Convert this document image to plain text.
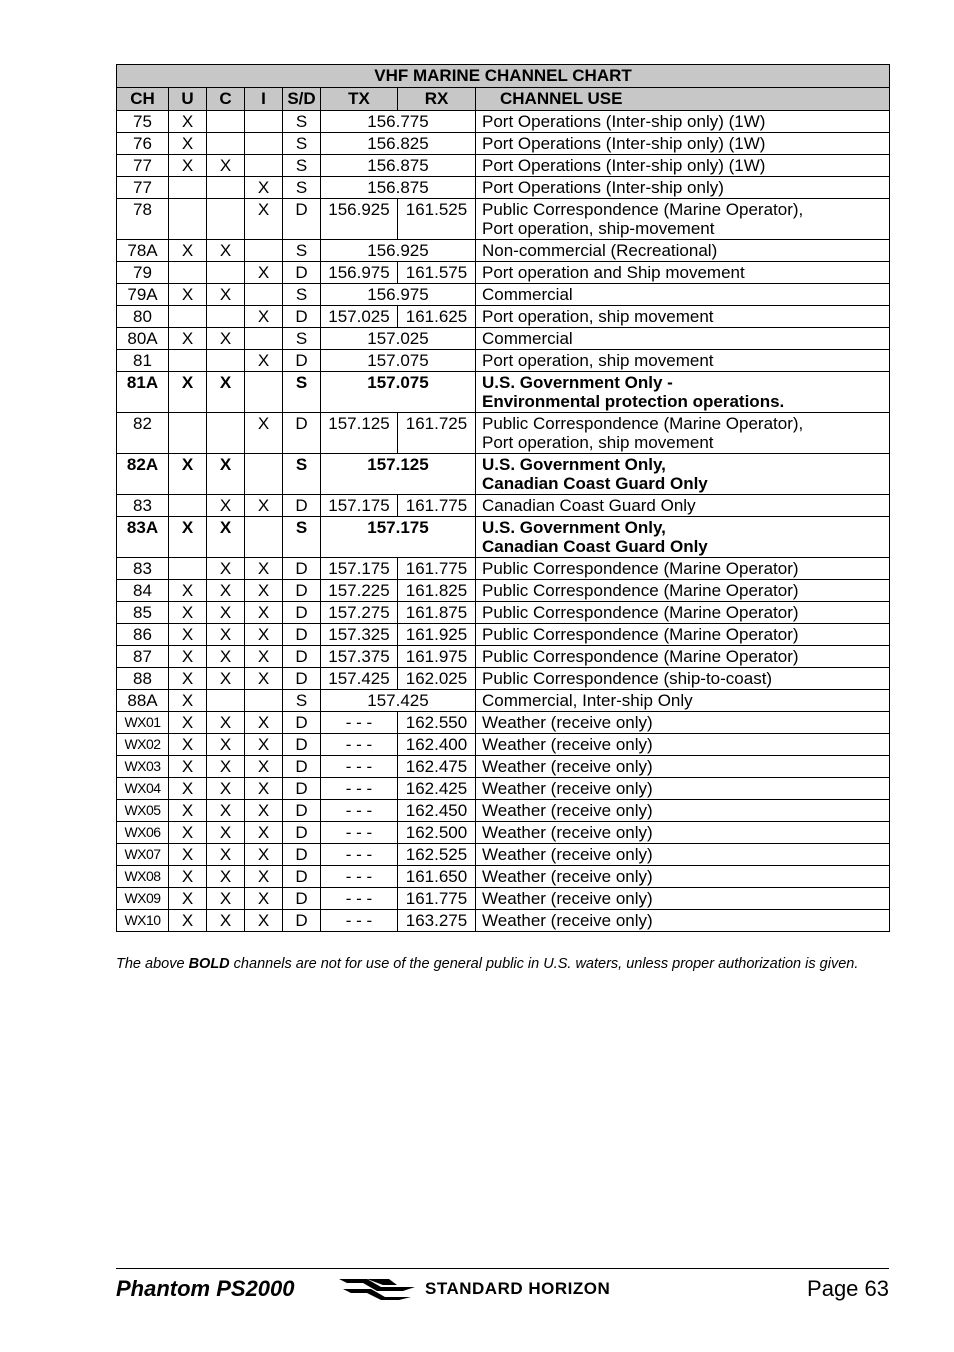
VHF MARINE CHANNEL CHART							
CH	U	C	I	S/D	TX	RX	CHANNEL USE
75	X			S	156.775		Port Operations (Inter-ship only) (1W)

76	X			S	156.825		Port Operations (Inter-ship only) (1W)

77	X	X		S	156.875		Port Operations (Inter-ship only) (1W)

77			X	S	156.875		Port Operations (Inter-ship only)

78			X	D	156.925	161.525	Public Correspondence (Marine Operator),
Port operation, ship-movement

78A	X	X		S	156.925		Non-commercial (Recreational)

79			X	D	156.975	161.575	Port operation and Ship movement

79A	X	X		S	156.975		Commercial

80			X	D	157.025	161.625	Port operation, ship movement

80A	X	X		S	157.025		Commercial

81			X	D	157.075		Port operation, ship movement

81A	X	X		S	157.075		U.S. Government Only -
Environmental protection operations.

82			X	D	157.125	161.725	Public Correspondence (Marine Operator),
Port operation, ship movement

82A	X	X		S	157.125		U.S. Government Only,
Canadian Coast Guard Only

83		X	X	D	157.175	161.775	Canadian Coast Guard Only

83A	X	X		S	157.175		U.S. Government Only,
Canadian Coast Guard Only

83		X	X	D	157.175	161.775	Public Correspondence (Marine Operator)

84	X	X	X	D	157.225	161.825	Public Correspondence (Marine Operator)

85	X	X	X	D	157.275	161.875	Public Correspondence (Marine Operator)

86	X	X	X	D	157.325	161.925	Public Correspondence (Marine Operator)

87	X	X	X	D	157.375	161.975	Public Correspondence (Marine Operator)

88	X	X	X	D	157.425	162.025	Public Correspondence (ship-to-coast)

88A	X			S	157.425		Commercial, Inter-ship Only

WX01	X	X	X	D	- - -	162.550	Weather (receive only)

WX02	X	X	X	D	- - -	162.400	Weather (receive only)

WX03	X	X	X	D	- - -	162.475	Weather (receive only)

WX04	X	X	X	D	- - -	162.425	Weather (receive only)

WX05	X	X	X	D	- - -	162.450	Weather (receive only)

WX06	X	X	X	D	- - -	162.500	Weather (receive only)

WX07	X	X	X	D	- - -	162.525	Weather (receive only)

WX08	X	X	X	D	- - -	161.650	Weather (receive only)

WX09	X	X	X	D	- - -	161.775	Weather (receive only)

WX10	X	X	X	D	- - -	163.275	Weather (receive only)
The above BOLD channels are not for use of the general public in U.S. waters, unless proper authorization is given.
Phantom PS2000	STANDARD HORIZON	Page 63
